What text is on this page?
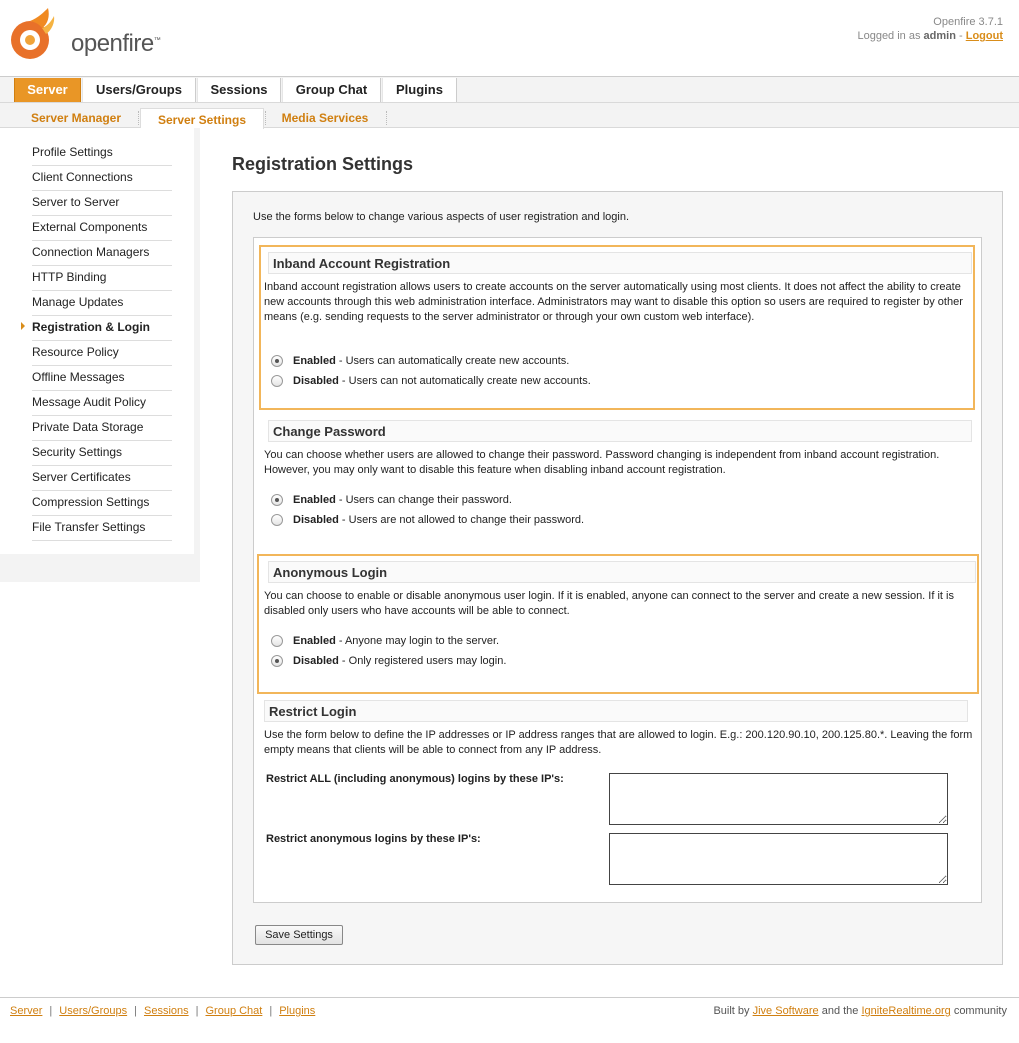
openfire™
Openfire 3.7.1
Logged in as admin - Logout
Server	Users/Groups	Sessions	Group Chat	Plugins
Server Manager	Server Settings	Media Services
Profile Settings
Client Connections
Server to Server
External Components
Connection Managers
HTTP Binding
Manage Updates
Registration & Login
Resource Policy
Offline Messages
Message Audit Policy
Private Data Storage
Security Settings
Server Certificates
Compression Settings
File Transfer Settings
Registration Settings
Use the forms below to change various aspects of user registration and login.
Inband Account Registration

Inband account registration allows users to create accounts on the server automatically using most clients. It does not affect the ability to create new accounts through this web administration interface. Administrators may want to disable this option so users are required to register by other means (e.g. sending requests to the server administrator or through your own custom web interface).

Enabled - Users can automatically create new accounts.
Disabled - Users can not automatically create new accounts.
Change Password

You can choose whether users are allowed to change their password. Password changing is independent from inband account registration. However, you may only want to disable this feature when disabling inband account registration.

Enabled - Users can change their password.
Disabled - Users are not allowed to change their password.
Anonymous Login

You can choose to enable or disable anonymous user login. If it is enabled, anyone can connect to the server and create a new session. If it is disabled only users who have accounts will be able to connect.

Enabled - Anyone may login to the server.
Disabled - Only registered users may login.
Restrict Login

Use the form below to define the IP addresses or IP address ranges that are allowed to login. E.g.: 200.120.90.10, 200.125.80.*. Leaving the form empty means that clients will be able to connect from any IP address.

Restrict ALL (including anonymous) logins by these IP's:
Restrict anonymous logins by these IP's:
Save Settings
Server | Users/Groups | Sessions | Group Chat | Plugins	Built by Jive Software and the IgniteRealtime.org community
